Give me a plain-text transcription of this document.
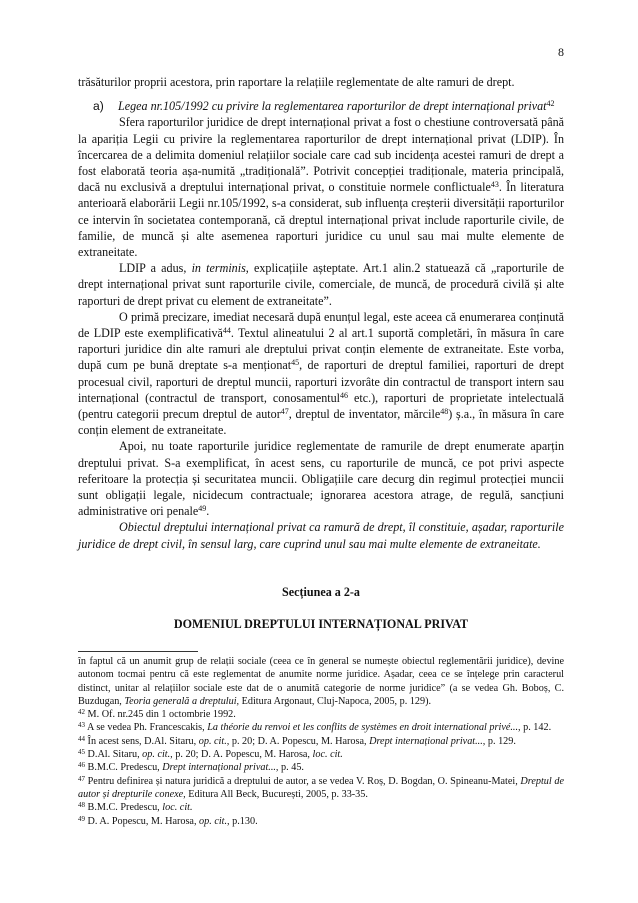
8

trăsăturilor proprii acestora, prin raportare la relațiile reglementate de alte ramuri de drept.

a) Legea nr.105/1992 cu privire la reglementarea raporturilor de drept internațional privat$^{42}$

Sfera raporturilor juridice de drept internațional privat a fost o chestiune controversată până la apariția Legii cu privire la reglementarea raporturilor de drept internațional privat (LDIP). În încercarea de a delimita domeniul relațiilor sociale care cad sub incidența acestei ramuri de drept a fost elaborată teoria așa-numită „tradițională”. Potrivit concepției tradiționale, materia principală, dacă nu exclusivă a dreptului internațional privat, o constituie normele conflictuale$^{43}$. În literatura anterioară elaborării Legii nr.105/1992, s-a considerat, sub influența creșterii diversității raporturilor ce intervin în societatea contemporană, că dreptul internațional privat include raporturile civile, de familie, de muncă și alte asemenea raporturi juridice cu unul sau mai multe elemente de extraneitate.

LDIP a adus, in terminis, explicațiile așteptate. Art.1 alin.2 statuează că „raporturile de drept internațional privat sunt raporturile civile, comerciale, de muncă, de procedură civilă și alte raporturi de drept privat cu element de extraneitate”.

O primă precizare, imediat necesară după enunțul legal, este aceea că enumerarea conținută de LDIP este exemplificativă$^{44}$. Textul alineatului 2 al art.1 suportă completări, în măsura în care raporturi juridice din alte ramuri ale dreptului privat conțin elemente de extraneitate. Este vorba, după cum pe bună dreptate s-a menționat$^{45}$, de raporturi de dreptul familiei, raporturi de drept procesual civil, raporturi de dreptul muncii, raporturi izvorâte din contractul de transport intern sau internațional (contractul de transport, conosamentul$^{46}$ etc.), raporturi de proprietate intelectuală (pentru categorii precum dreptul de autor$^{47}$, dreptul de inventator, mărcile$^{48}$) ș.a., în măsura în care conțin element de extraneitate.

Apoi, nu toate raporturile juridice reglementate de ramurile de drept enumerate aparțin dreptului privat. S-a exemplificat, în acest sens, cu raporturile de muncă, ce pot privi aspecte referitoare la protecția și securitatea muncii. Obligațiile care decurg din regimul protecției muncii sunt obligații legale, nicidecum contractuale; ignorarea acestora atrage, de regulă, sancțiuni administrative ori penale$^{49}$.

Obiectul dreptului internațional privat ca ramură de drept, îl constituie, așadar, raporturile juridice de drept civil, în sensul larg, care cuprind unul sau mai multe elemente de extraneitate.

Secțiunea a 2-a

DOMENIUL DREPTULUI INTERNAȚIONAL PRIVAT

în faptul că un anumit grup de relații sociale (ceea ce în general se numește obiectul reglementării juridice), devine autonom tocmai pentru că este reglementat de anumite norme juridice. Așadar, ceea ce se înțelege prin caracterul distinct, unitar al relațiilor sociale este dat de o anumită categorie de norme juridice” (a se vedea Gh. Boboș, C. Buzdugan, Teoria generală a dreptului, Editura Argonaut, Cluj-Napoca, 2005, p. 129).

$^{42}$ M. Of. nr.245 din 1 octombrie 1992.

$^{43}$ A se vedea Ph. Francescakis, La théorie du renvoi et les conflits de systèmes en droit international privé..., p. 142.

$^{44}$ În acest sens, D.Al. Sitaru, op. cit., p. 20; D. A. Popescu, M. Harosa, Drept internațional privat..., p. 129.

$^{45}$ D.Al. Sitaru, op. cit., p. 20; D. A. Popescu, M. Harosa, loc. cit.

$^{46}$ B.M.C. Predescu, Drept internațional privat..., p. 45.

$^{47}$ Pentru definirea și natura juridică a dreptului de autor, a se vedea V. Roș, D. Bogdan, O. Spineanu-Matei, Dreptul de autor și drepturile conexe, Editura All Beck, București, 2005, p. 33-35.

$^{48}$ B.M.C. Predescu, loc. cit.

$^{49}$ D. A. Popescu, M. Harosa, op. cit., p.130.
